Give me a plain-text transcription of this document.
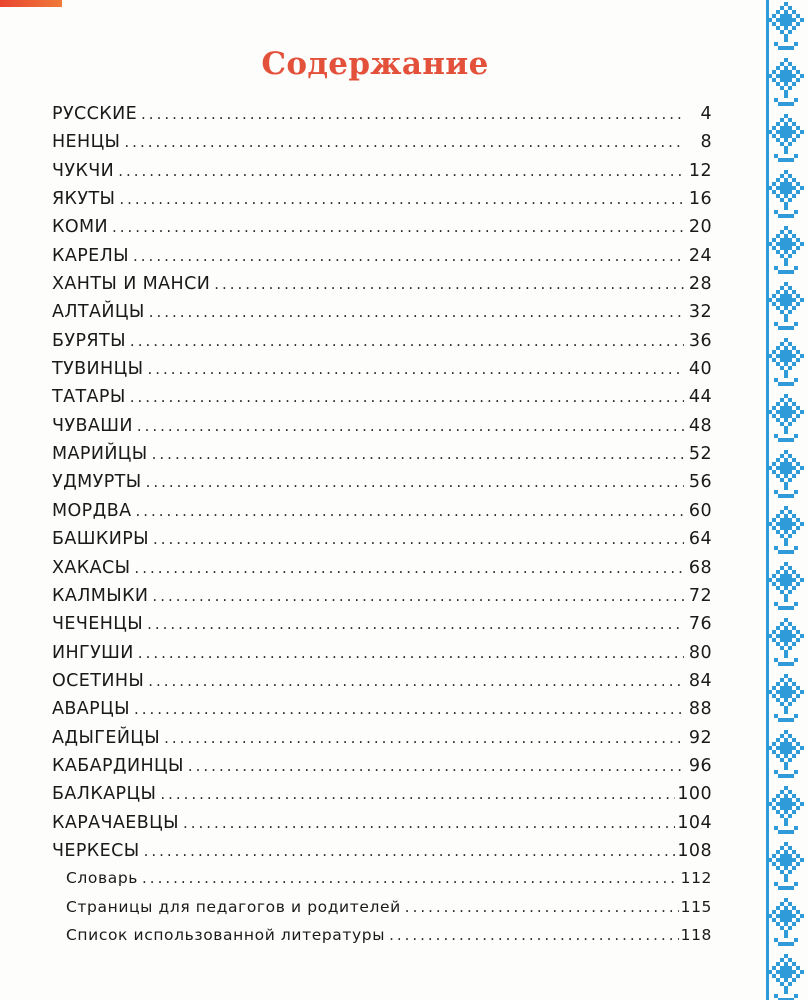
Содержание
РУССКИЕ .....	4
НЕНЦЫ .....	8
ЧУКЧИ .....	12
ЯКУТЫ .....	16
КОМИ .....	20
КАРЕЛЫ .....	24
ХАНТЫ И МАНСИ .....	28
АЛТАЙЦЫ .....	32
БУРЯТЫ .....	36
ТУВИНЦЫ .....	40
ТАТАРЫ .....	44
ЧУВАШИ .....	48
МАРИЙЦЫ .....	52
УДМУРТЫ .....	56
МОРДВА .....	60
БАШКИРЫ .....	64
ХАКАСЫ .....	68
КАЛМЫКИ .....	72
ЧЕЧЕНЦЫ .....	76
ИНГУШИ .....	80
ОСЕТИНЫ .....	84
АВАРЦЫ .....	88
АДЫГЕЙЦЫ .....	92
КАБАРДИНЦЫ .....	96
БАЛКАРЦЫ .....	100
КАРАЧАЕВЦЫ .....	104
ЧЕРКЕСЫ .....	108
Словарь .....	112
Страницы для педагогов и родителей .....	115
Список использованной литературы .....	118
